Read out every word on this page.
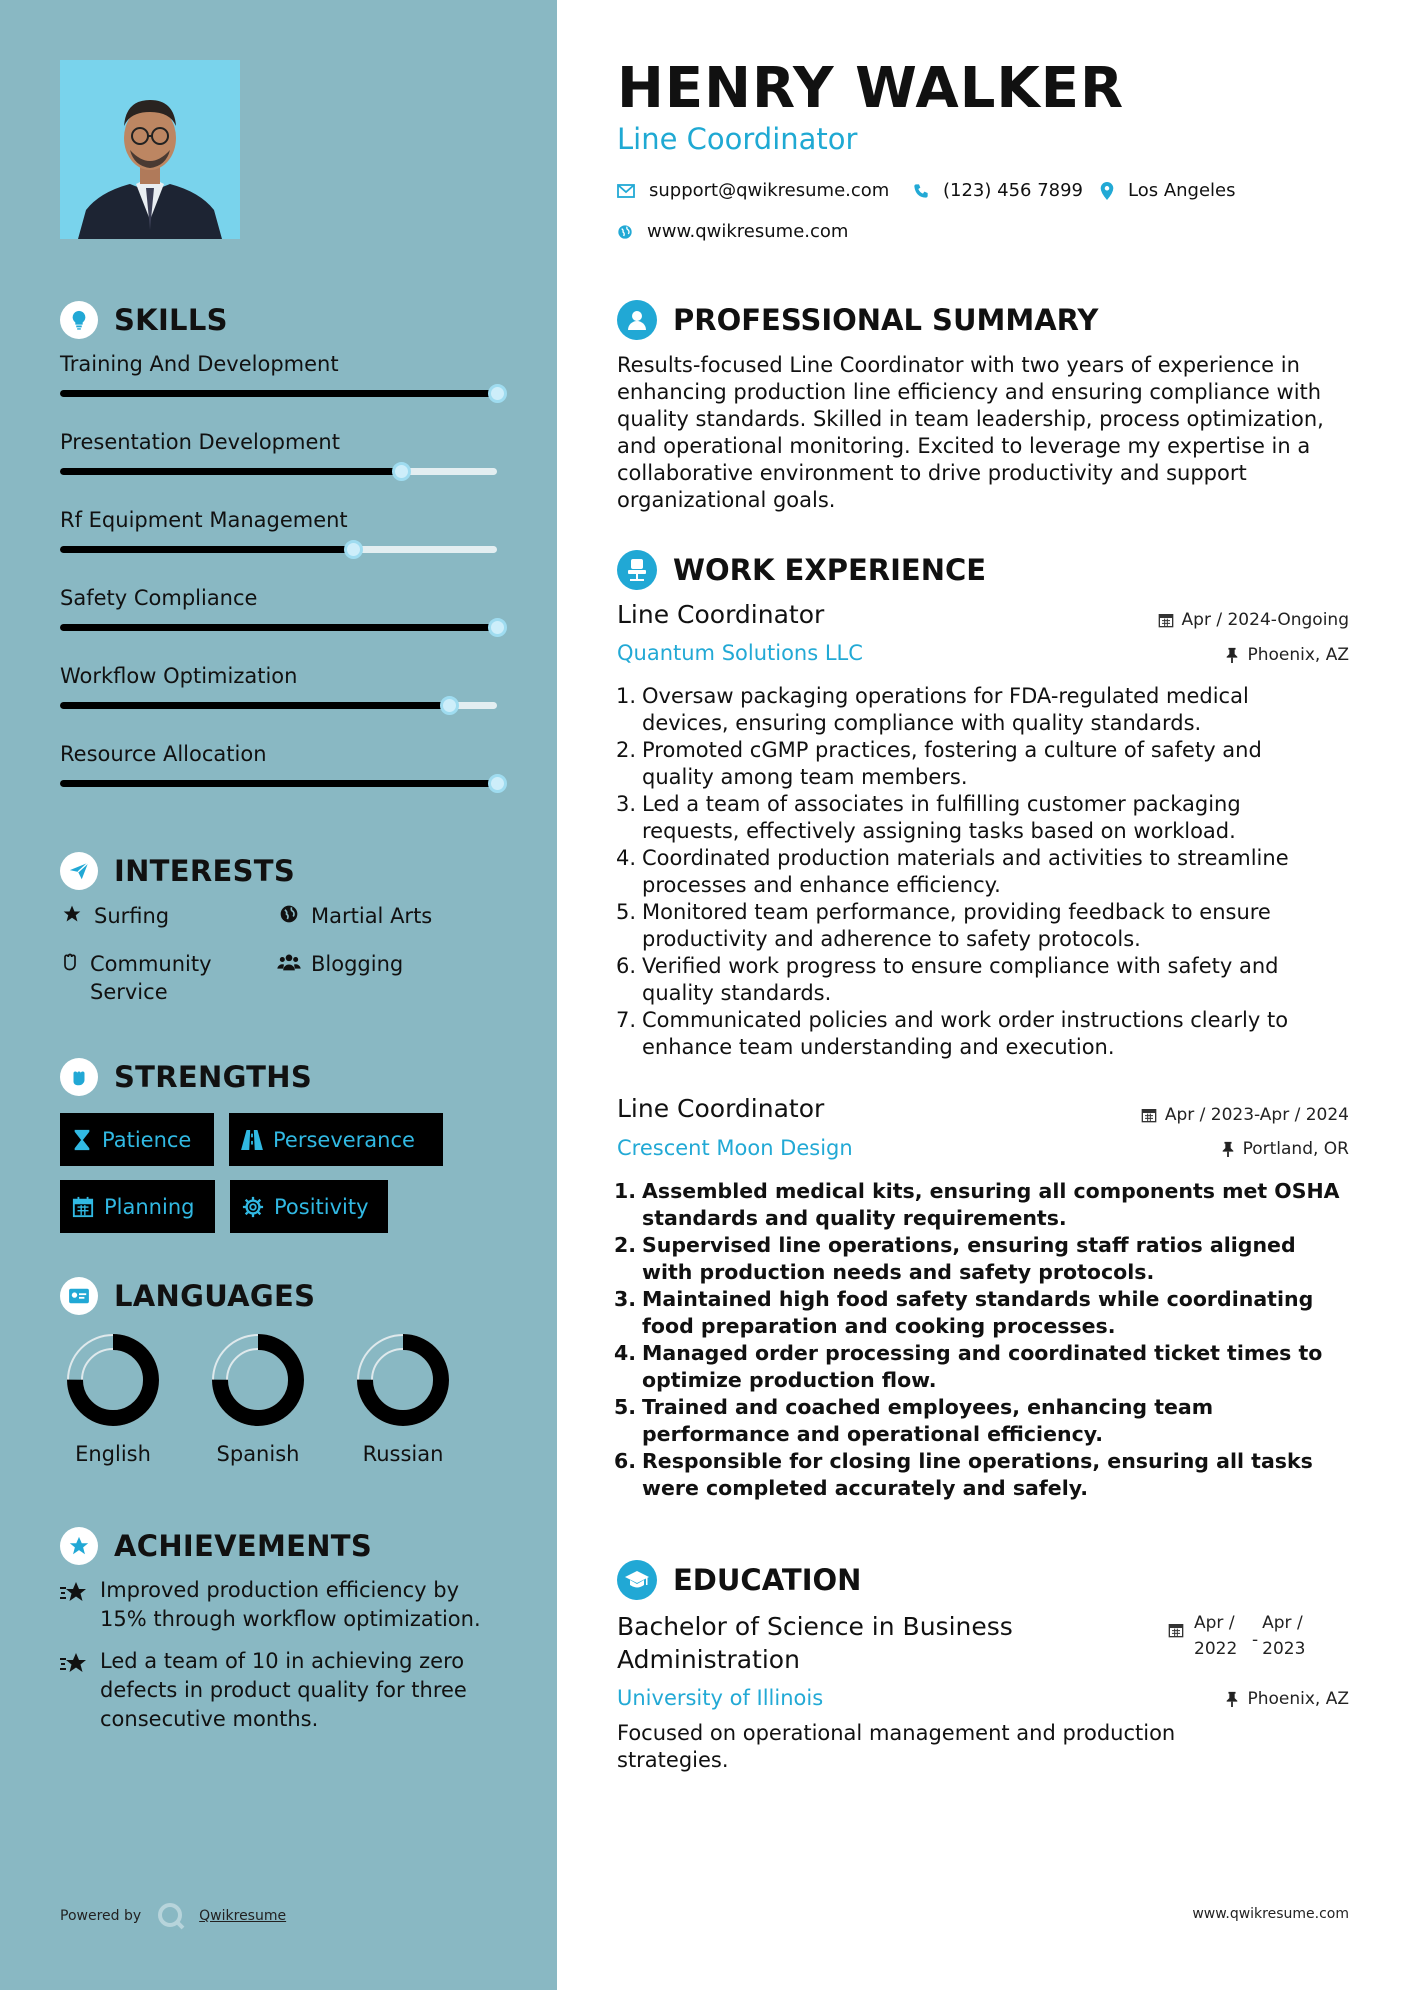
SKILLS
Training And Development
Presentation Development
Rf Equipment Management
Safety Compliance
Workflow Optimization
Resource Allocation
INTERESTS
Surfing	Martial Arts
Community Service
Blogging
STRENGTHS
Patience	Perseverance
Planning	Positivity
LANGUAGES
English	Spanish	Russian
ACHIEVEMENTS
Improved production efficiency by 15% through workflow optimization.
Led a team of 10 in achieving zero defects in product quality for three consecutive months.
Powered by	Qwikresume
HENRY WALKER
Line Coordinator
support@qwikresume.com	(123) 456 7899 Los Angeles
www.qwikresume.com
PROFESSIONAL SUMMARY
Results-focused Line Coordinator with two years of experience in enhancing production line efficiency and ensuring compliance with quality standards. Skilled in team leadership, process optimization, and operational monitoring. Excited to leverage my expertise in a collaborative environment to drive productivity and support organizational goals.
WORK EXPERIENCE
Line Coordinator	Apr / 2024-Ongoing
Quantum Solutions LLC	Phoenix, AZ
1. Oversaw packaging operations for FDA-regulated medical devices, ensuring compliance with quality standards.
2. Promoted cGMP practices, fostering a culture of safety and quality among team members.
3. Led a team of associates in fulfilling customer packaging requests, effectively assigning tasks based on workload.
4. Coordinated production materials and activities to streamline processes and enhance efficiency.
5. Monitored team performance, providing feedback to ensure productivity and adherence to safety protocols.
6. Verified work progress to ensure compliance with safety and quality standards.
7. Communicated policies and work order instructions clearly to enhance team understanding and execution.
Line Coordinator	Apr / 2023-Apr / 2024
Crescent Moon Design	Portland, OR
1. Assembled medical kits, ensuring all components met OSHA standards and quality requirements.
2. Supervised line operations, ensuring staff ratios aligned with production needs and safety protocols.
3. Maintained high food safety standards while coordinating food preparation and cooking processes.
4. Managed order processing and coordinated ticket times to optimize production flow.
5. Trained and coached employees, enhancing team performance and operational efficiency.
6. Responsible for closing line operations, ensuring all tasks were completed accurately and safely.
EDUCATION
Bachelor of Science in Business Administration
Apr / 2022 -
Apr / 2023
University of Illinois	Phoenix, AZ
Focused on operational management and production strategies.
www.qwikresume.com
